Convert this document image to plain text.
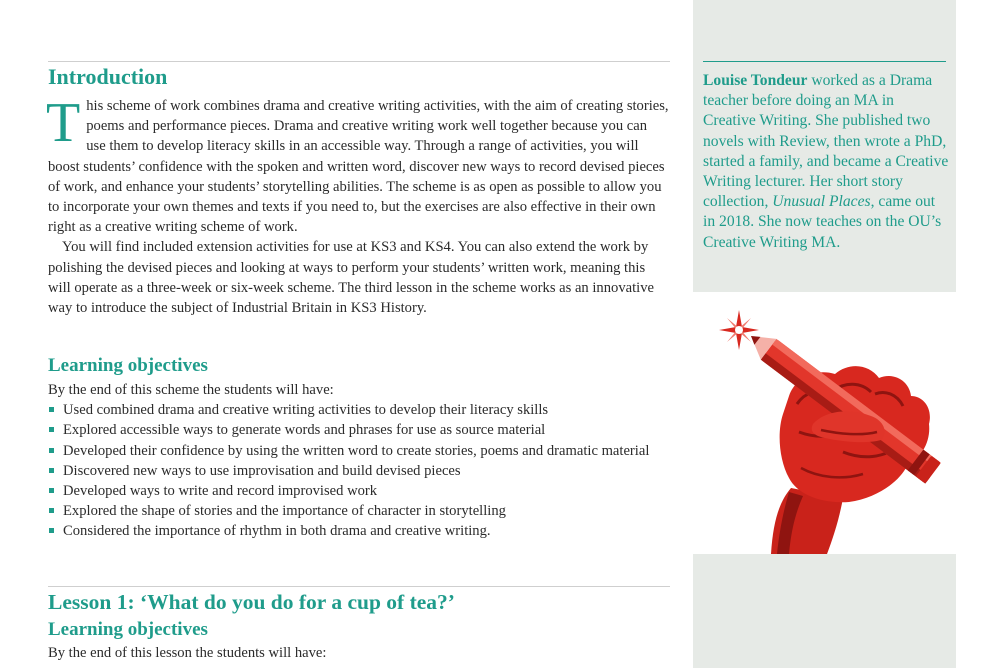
Introduction

This scheme of work combines drama and creative writing activities, with the aim of creating stories, poems and performance pieces. Drama and creative writing work well together because you can use them to develop literacy skills in an accessible way. Through a range of activities, you will boost students’ confidence with the spoken and written word, discover new ways to record devised pieces of work, and enhance your students’ storytelling abilities. The scheme is as open as possible to allow you to incorporate your own themes and texts if you need to, but the exercises are also effective in their own right as a creative writing scheme of work.

You will find included extension activities for use at KS3 and KS4. You can also extend the work by polishing the devised pieces and looking at ways to perform your students’ written work, meaning this will operate as a three-week or six-week scheme. The third lesson in the scheme works as an innovative way to introduce the subject of Industrial Britain in KS3 History.

Learning objectives

By the end of this scheme the students will have:

Used combined drama and creative writing activities to develop their literacy skills
Explored accessible ways to generate words and phrases for use as source material
Developed their confidence by using the written word to create stories, poems and dramatic material
Discovered new ways to use improvisation and build devised pieces
Developed ways to write and record improvised work
Explored the shape of stories and the importance of character in storytelling
Considered the importance of rhythm in both drama and creative writing.
Lesson 1: ‘What do you do for a cup of tea?’
Learning objectives

By the end of this lesson the students will have:

Louise Tondeur worked as a Drama teacher before doing an MA in Creative Writing. She published two novels with Review, then wrote a PhD, started a family, and became a Creative Writing lecturer. Her short story collection, Unusual Places, came out in 2018. She now teaches on the OU’s Creative Writing MA.
